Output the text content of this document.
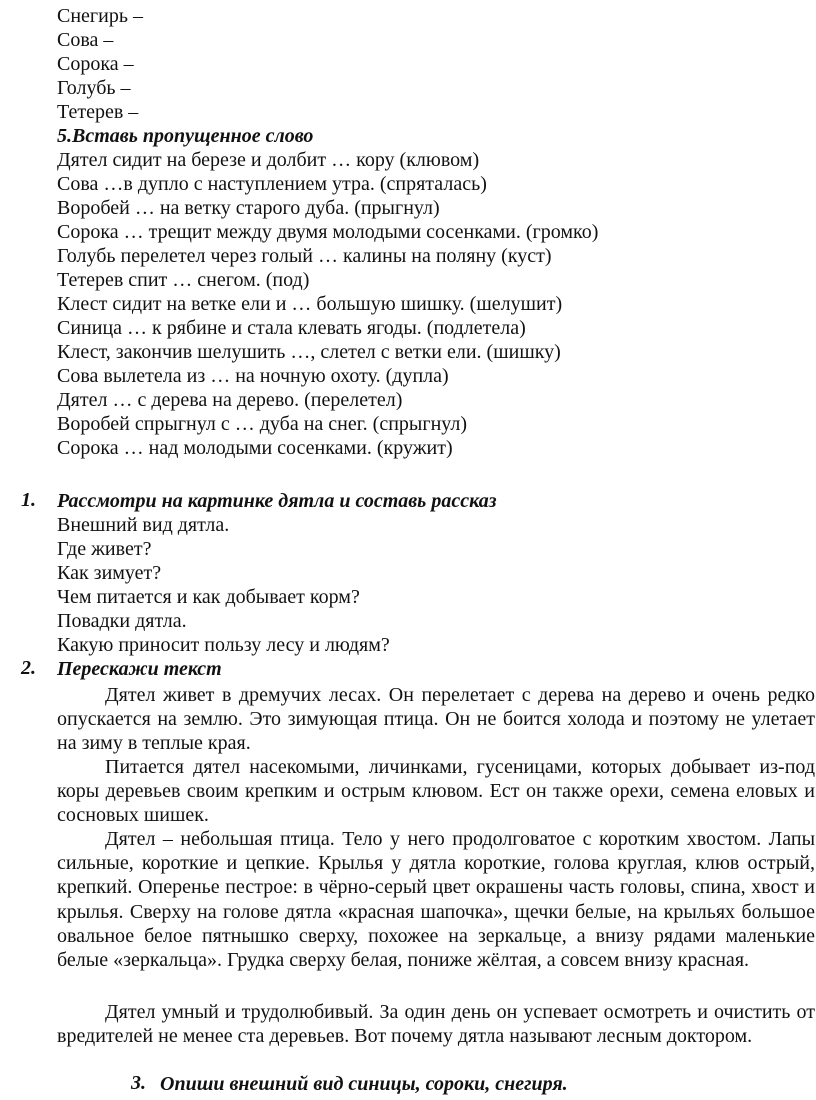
Снегирь –
Сова –
Сорока –
Голубь –
Тетерев –
5.Вставь пропущенное слово
Дятел сидит на березе и долбит … кору (клювом)
Сова …в дупло с наступлением утра. (спряталась)
Воробей … на ветку старого дуба. (прыгнул)
Сорока … трещит между двумя молодыми сосенками. (громко)
Голубь перелетел через голый … калины на поляну (куст)
Тетерев спит … снегом. (под)
Клест сидит на ветке ели и … большую шишку. (шелушит)
Синица … к рябине и стала клевать ягоды. (подлетела)
Клест, закончив шелушить …, слетел с ветки ели. (шишку)
Сова вылетела из … на ночную охоту. (дупла)
Дятел … с дерева на дерево. (перелетел)
Воробей спрыгнул с … дуба на снег. (спрыгнул)
Сорока … над молодыми сосенками. (кружит)
1. Рассмотри на картинке дятла и составь рассказ
Внешний вид дятла.
Где живет?
Как зимует?
Чем питается и как добывает корм?
Повадки дятла.
Какую приносит пользу лесу и людям?
2. Перескажи текст
Дятел живет в дремучих лесах. Он перелетает с дерева на дерево и очень редко опускается на землю. Это зимующая птица. Он не боится холода и поэтому не улетает на зиму в теплые края.
Питается дятел насекомыми, личинками, гусеницами, которых добывает из-под коры деревьев своим крепким и острым клювом. Ест он также орехи, семена еловых и сосновых шишек.
Дятел – небольшая птица. Тело у него продолговатое с коротким хвостом. Лапы сильные, короткие и цепкие. Крылья у дятла короткие, голова круглая, клюв острый, крепкий. Оперенье пестрое: в чёрно-серый цвет окрашены часть головы, спина, хвост и крылья. Сверху на голове дятла «красная шапочка», щечки белые, на крыльях большое овальное белое пятнышко сверху, похожее на зеркальце, а внизу рядами маленькие белые «зеркальца». Грудка сверху белая, пониже жёлтая, а совсем внизу красная.
Дятел умный и трудолюбивый. За один день он успевает осмотреть и очистить от вредителей не менее ста деревьев. Вот почему дятла называют лесным доктором.
3. Опиши внешний вид синицы, сороки, снегиря.
